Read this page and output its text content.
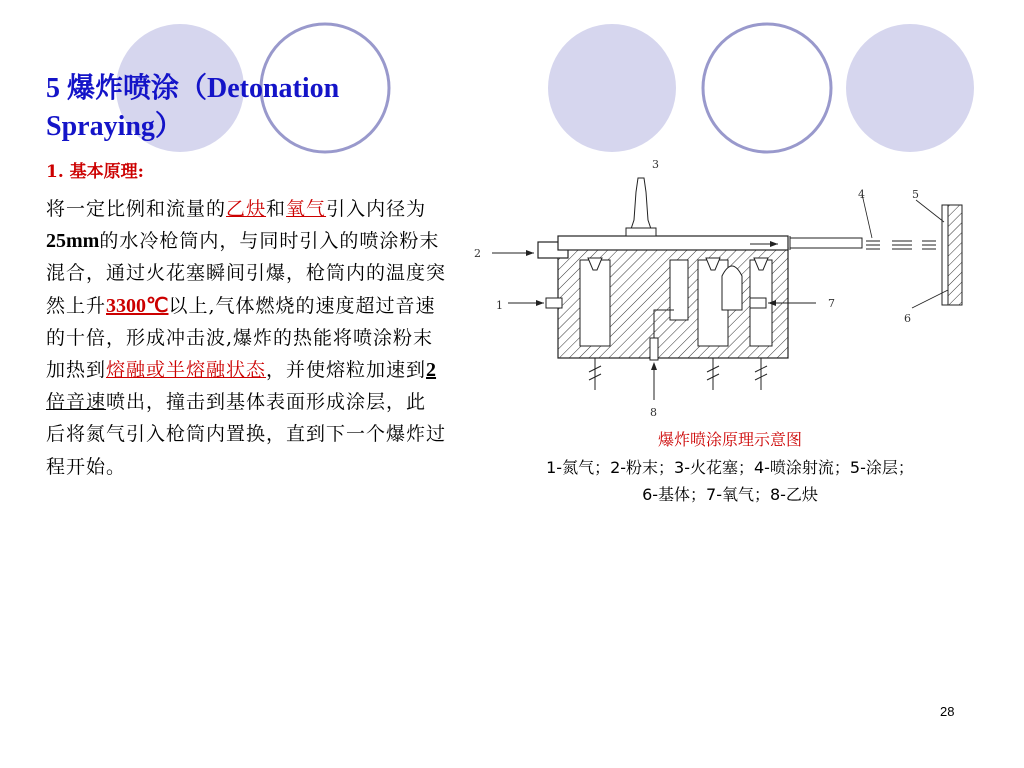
5 爆炸喷涂（Detonation Spraying）
1. 基本原理:
将一定比例和流量的乙炔和氧气引入内径为25mm的水冷枪筒内，与同时引入的喷涂粉末混合，通过火花塞瞬间引爆，枪筒内的温度突然上升3300℃以上,气体燃烧的速度超过音速的十倍，形成冲击波,爆炸的热能将喷涂粉末加热到熔融或半熔融状态，并使熔粒加速到2倍音速喷出，撞击到基体表面形成涂层，此后将氮气引入枪筒内置换，直到下一个爆炸过程开始。
3
4	5
2
1	7
6
8
爆炸喷涂原理示意图
1-氮气；2-粉末；3-火花塞；4-喷涂射流；5-涂层；
6-基体；7-氧气；8-乙炔
28
